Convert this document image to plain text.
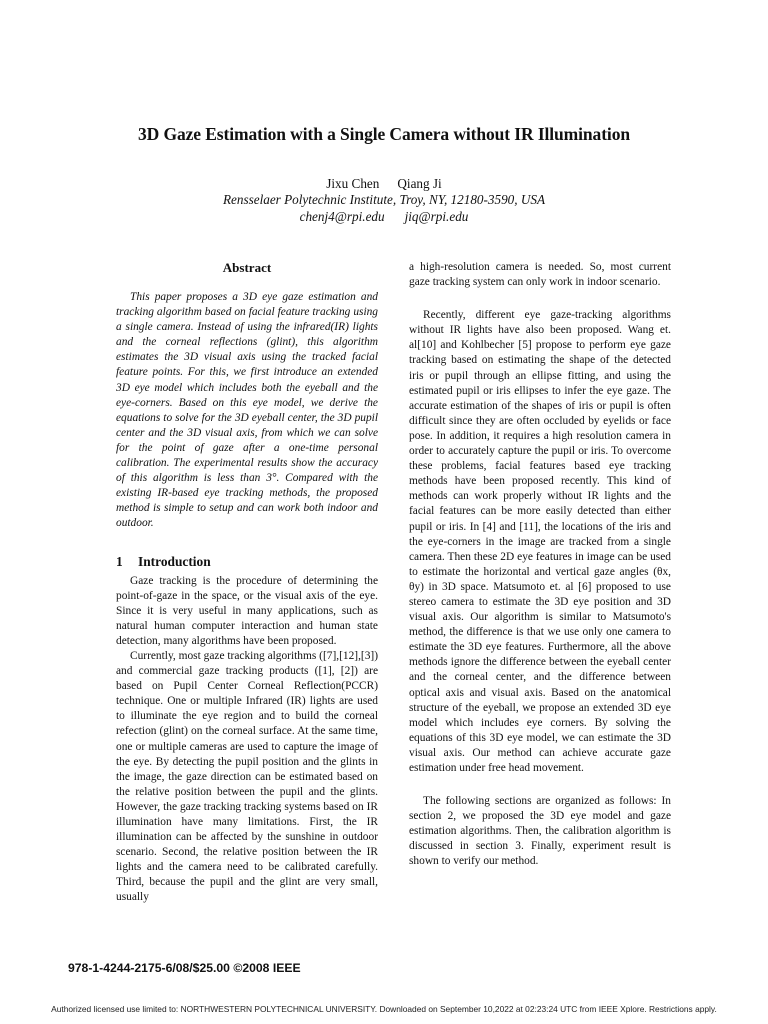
3D Gaze Estimation with a Single Camera without IR Illumination
Jixu Chen Qiang Ji
Rensselaer Polytechnic Institute, Troy, NY, 12180-3590, USA
chenj4@rpi.edu jiq@rpi.edu
Abstract

This paper proposes a 3D eye gaze estimation and tracking algorithm based on facial feature tracking using a single camera. Instead of using the infrared(IR) lights and the corneal reflections (glint), this algorithm estimates the 3D visual axis using the tracked facial feature points. For this, we first introduce an extended 3D eye model which includes both the eyeball and the eye-corners. Based on this eye model, we derive the equations to solve for the 3D eyeball center, the 3D pupil center and the 3D visual axis, from which we can solve for the point of gaze after a one-time personal calibration. The experimental results show the accuracy of this algorithm is less than 3°. Compared with the existing IR-based eye tracking methods, the proposed method is simple to setup and can work both indoor and outdoor.

1 Introduction

Gaze tracking is the procedure of determining the point-of-gaze in the space, or the visual axis of the eye. Since it is very useful in many applications, such as natural human computer interaction and human state detection, many algorithms have been proposed.

Currently, most gaze tracking algorithms ([7],[12],[3]) and commercial gaze tracking products ([1], [2]) are based on Pupil Center Corneal Reflection(PCCR) technique. One or multiple Infrared (IR) lights are used to illuminate the eye region and to build the corneal refection (glint) on the corneal surface. At the same time, one or multiple cameras are used to capture the image of the eye. By detecting the pupil position and the glints in the image, the gaze direction can be estimated based on the relative position between the pupil and the glints. However, the gaze tracking tracking systems based on IR illumination have many limitations. First, the IR illumination can be affected by the sunshine in outdoor scenario. Second, the relative position between the IR lights and the camera need to be calibrated carefully. Third, because the pupil and the glint are very small, usually

a high-resolution camera is needed. So, most current gaze tracking system can only work in indoor scenario.

Recently, different eye gaze-tracking algorithms without IR lights have also been proposed. Wang et. al[10] and Kohlbecher [5] propose to perform eye gaze tracking based on estimating the shape of the detected iris or pupil through an ellipse fitting, and using the estimated pupil or iris ellipses to infer the eye gaze. The accurate estimation of the shapes of iris or pupil is often difficult since they are often occluded by eyelids or face pose. In addition, it requires a high resolution camera in order to accurately capture the pupil or iris. To overcome these problems, facial features based eye tracking methods have been proposed recently. This kind of methods can work properly without IR lights and the facial features can be more easily detected than either pupil or iris. In [4] and [11], the locations of the iris and the eye-corners in the image are tracked from a single camera. Then these 2D eye features in image can be used to estimate the horizontal and vertical gaze angles (θx, θy) in 3D space. Matsumoto et. al [6] proposed to use stereo camera to estimate the 3D eye position and 3D visual axis. Our algorithm is similar to Matsumoto's method, the difference is that we use only one camera to estimate the 3D eye features. Furthermore, all the above methods ignore the difference between the eyeball center and the corneal center, and the difference between optical axis and visual axis. Based on the anatomical structure of the eyeball, we propose an extended 3D eye model which includes eye corners. By solving the equations of this 3D eye model, we can estimate the 3D visual axis. Our method can achieve accurate gaze estimation under free head movement.

The following sections are organized as follows: In section 2, we proposed the 3D eye model and gaze estimation algorithms. Then, the calibration algorithm is discussed in section 3. Finally, experiment result is shown to verify our method.

978-1-4244-2175-6/08/$25.00 ©2008 IEEE
Authorized licensed use limited to: NORTHWESTERN POLYTECHNICAL UNIVERSITY. Downloaded on September 10,2022 at 02:23:24 UTC from IEEE Xplore. Restrictions apply.
